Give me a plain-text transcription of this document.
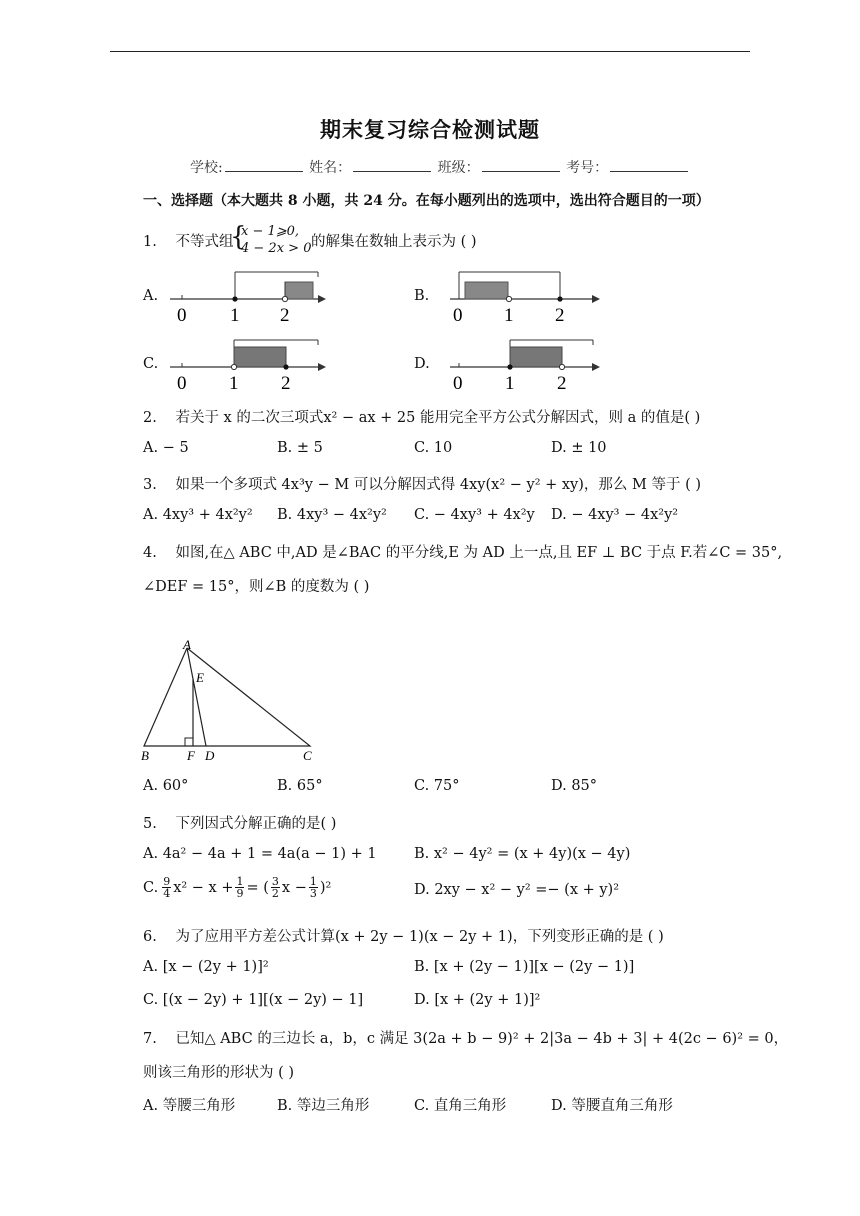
期末复习综合检测试题
学校:	姓名：	班级：	考号：
一、选择题（本大题共 8 小题，共 24 分。在每小题列出的选项中，选出符合题目的一项）
1. 不等式组
{
x − 1⩾0,
4 − 2x > 0 的解集在数轴上表示为 ( )
A.
0 1 2
B.
0 1 2
C.
0 1 2
D.
0 1 2
2. 若关于 x 的二次三项式x² − ax + 25 能用完全平方公式分解因式，则 a 的值是( )
A. − 5	B. ± 5	C. 10	D. ± 10
3. 如果一个多项式 4x³y − M 可以分解因式得 4xy(x² − y² + xy)，那么 M 等于 ( )
A. 4xy³ + 4x²y² B. 4xy³ − 4x²y² C. − 4xy³ + 4x²y D. − 4xy³ − 4x²y²
4. 如图,在△ ABC 中,AD 是∠BAC 的平分线,E 为 AD 上一点,且 EF ⊥ BC 于点 F.若∠C = 35°,
∠DEF = 15°，则∠B 的度数为 ( )
A
E
B	F D	C
A. 60°	B. 65°	C. 75°	D. 85°
5. 下列因式分解正确的是( )
A. 4a² − 4a + 1 = 4a(a − 1) + 1	B. x² − 4y² = (x + 4y)(x − 4y)
C. $\frac{9}{4} x^2 - x + \frac{1}{9}$ = ( $\frac{3}{2}$ $x - \frac{1}{3} )^2$	D. 2xy − x² − y² =− (x + y)²
6. 为了应用平方差公式计算(x + 2y − 1)(x − 2y + 1)，下列变形正确的是 ( )
A. [x − (2y + 1)]²	B. [x + (2y − 1)][x − (2y − 1)]
C. [(x − 2y) + 1][(x − 2y) − 1]	D. [x + (2y + 1)]²
7. 已知△ ABC 的三边长 a，b，c 满足 3(2a + b − 9)² + 2|3a − 4b + 3| + 4(2c − 6)² = 0，
则该三角形的形状为 ( )
A. 等腰三角形	B. 等边三角形	C. 直角三角形	D. 等腰直角三角形
